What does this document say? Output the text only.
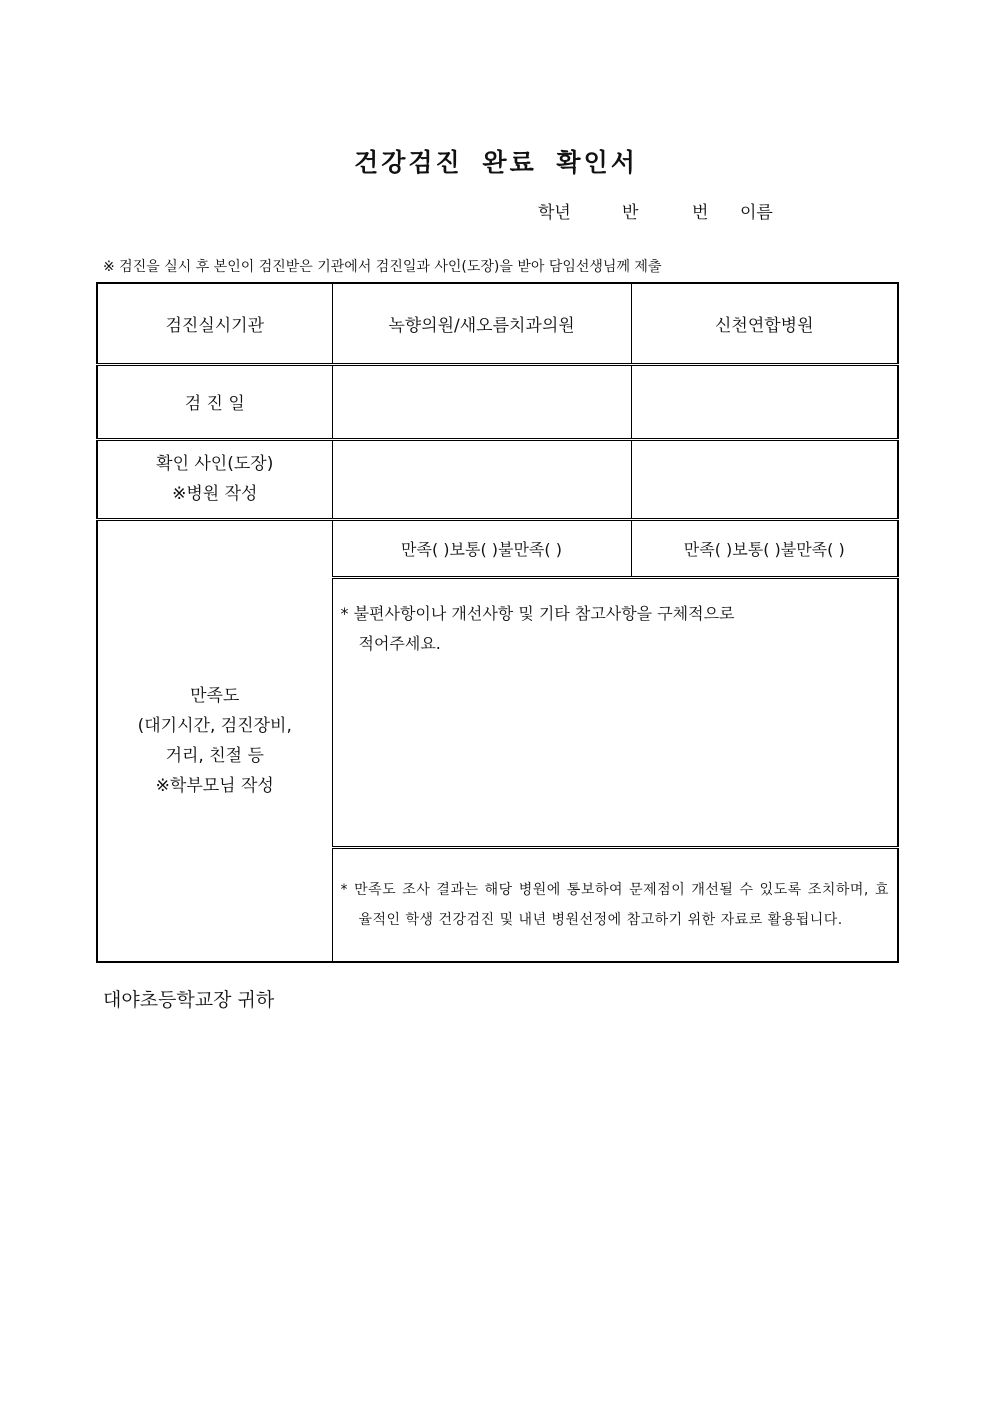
건강검진 완료 확인서
학년	반	번 이름
※ 검진을 실시 후 본인이 검진받은 기관에서 검진일과 사인(도장)을 받아 담임선생님께 제출
검진실시기관	녹향의원/새오름치과의원	신천연합병원
검 진 일		

확인 사인(도장)
※병원 작성		

만족도
(대기시간, 검진장비,
거리, 친절 등
※학부모님 작성	만족( )보통( )불만족( )	만족( )보통( )불만족( )

	* 불편사항이나 개선사항 및 기타 참고사항을 구체적으로
적어주세요.	

	* 만족도 조사 결과는 해당 병원에 통보하여 문제점이 개선될 수 있도록 조치하며, 효율적인 학생 건강검진 및 내년 병원선정에 참고하기 위한 자료로 활용됩니다.	
대야초등학교장 귀하
